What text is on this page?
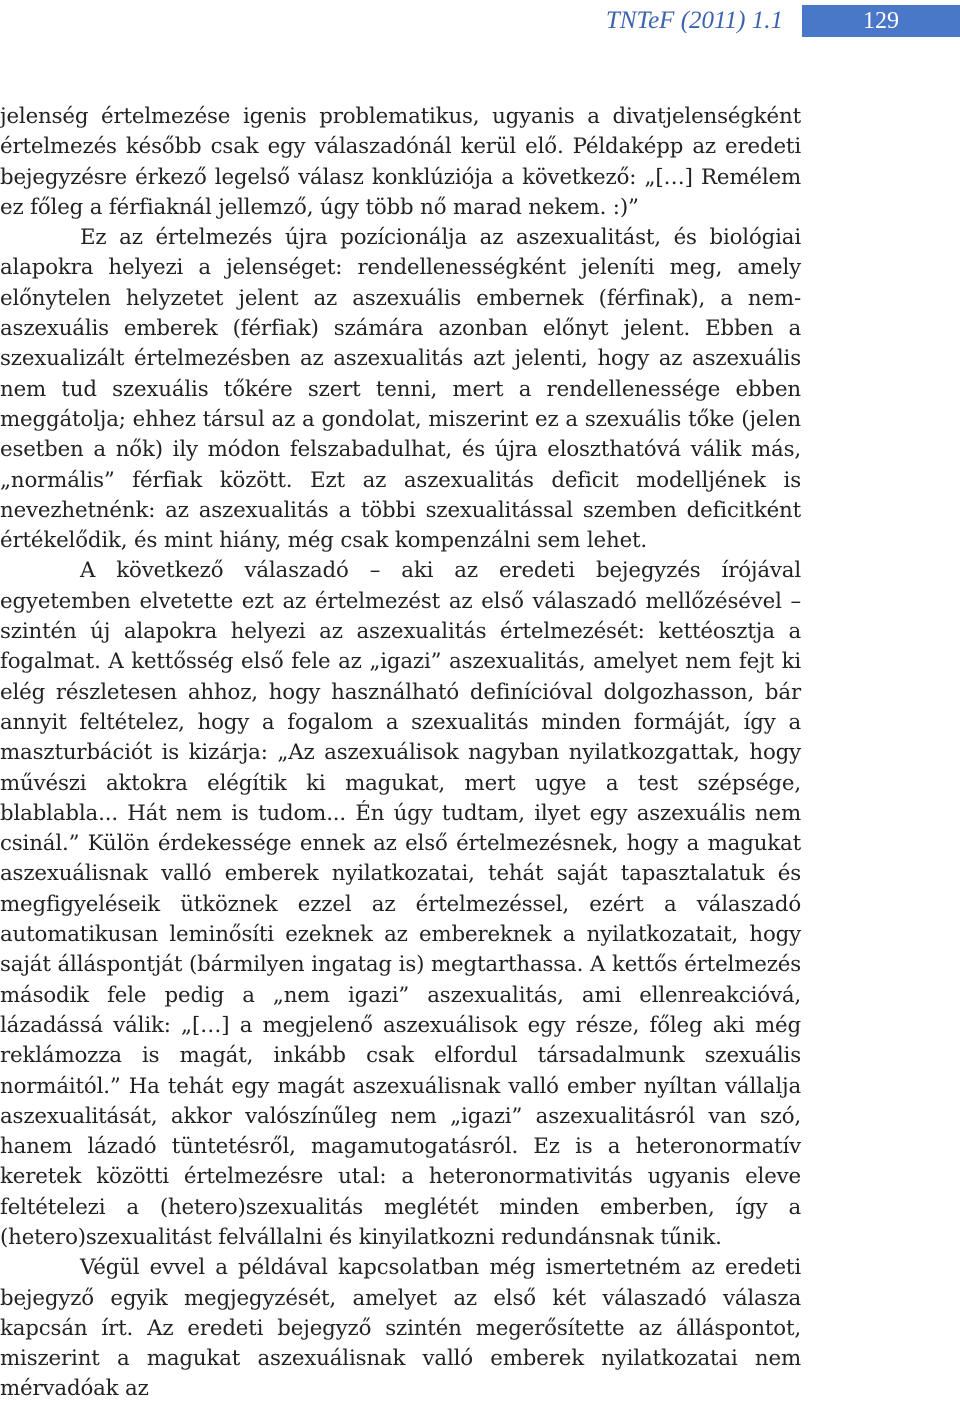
TNTeF (2011) 1.1	129

jelenség értelmezése igenis problematikus, ugyanis a divatjelenségként értelmezés később csak egy válaszadónál kerül elő. Példaképp az eredeti bejegyzésre érkező legelső válasz konklúziója a következő: „[…] Remélem ez főleg a férfiaknál jellemző, úgy több nő marad nekem. :)”

Ez az értelmezés újra pozícionálja az aszexualitást, és biológiai alapokra helyezi a jelenséget: rendellenességként jeleníti meg, amely előnytelen helyzetet jelent az aszexuális embernek (férfinak), a nem-aszexuális emberek (férfiak) számára azonban előnyt jelent. Ebben a szexualizált értelmezésben az aszexualitás azt jelenti, hogy az aszexuális nem tud szexuális tőkére szert tenni, mert a rendellenessége ebben meggátolja; ehhez társul az a gondolat, miszerint ez a szexuális tőke (jelen esetben a nők) ily módon felszabadulhat, és újra eloszthatóvá válik más, „normális” férfiak között. Ezt az aszexualitás deficit modelljének is nevezhetnénk: az aszexualitás a többi szexualitással szemben deficitként értékelődik, és mint hiány, még csak kompenzálni sem lehet.

A következő válaszadó – aki az eredeti bejegyzés írójával egyetemben elvetette ezt az értelmezést az első válaszadó mellőzésével – szintén új alapokra helyezi az aszexualitás értelmezését: kettéosztja a fogalmat. A kettősség első fele az „igazi” aszexualitás, amelyet nem fejt ki elég részletesen ahhoz, hogy használható definícióval dolgozhasson, bár annyit feltételez, hogy a fogalom a szexualitás minden formáját, így a maszturbációt is kizárja: „Az aszexuálisok nagyban nyilatkozgattak, hogy művészi aktokra elégítik ki magukat, mert ugye a test szépsége, blablabla... Hát nem is tudom... Én úgy tudtam, ilyet egy aszexuális nem csinál.” Külön érdekessége ennek az első értelmezésnek, hogy a magukat aszexuálisnak valló emberek nyilatkozatai, tehát saját tapasztalatuk és megfigyeléseik ütköznek ezzel az értelmezéssel, ezért a válaszadó automatikusan leminősíti ezeknek az embereknek a nyilatkozatait, hogy saját álláspontját (bármilyen ingatag is) megtarthassa. A kettős értelmezés második fele pedig a „nem igazi” aszexualitás, ami ellenreakcióvá, lázadássá válik: „[…] a megjelenő aszexuálisok egy része, főleg aki még reklámozza is magát, inkább csak elfordul társadalmunk szexuális normáitól.” Ha tehát egy magát aszexuálisnak valló ember nyíltan vállalja aszexualitását, akkor valószínűleg nem „igazi” aszexualitásról van szó, hanem lázadó tüntetésről, magamutogatásról. Ez is a heteronormatív keretek közötti értelmezésre utal: a heteronormativitás ugyanis eleve feltételezi a (hetero)szexualitás meglétét minden emberben, így a (hetero)szexualitást felvállalni és kinyilatkozni redundánsnak tűnik.

Végül evvel a példával kapcsolatban még ismertetném az eredeti bejegyző egyik megjegyzését, amelyet az első két válaszadó válasza kapcsán írt. Az eredeti bejegyző szintén megerősítette az álláspontot, miszerint a magukat aszexuálisnak valló emberek nyilatkozatai nem mérvadóak az
